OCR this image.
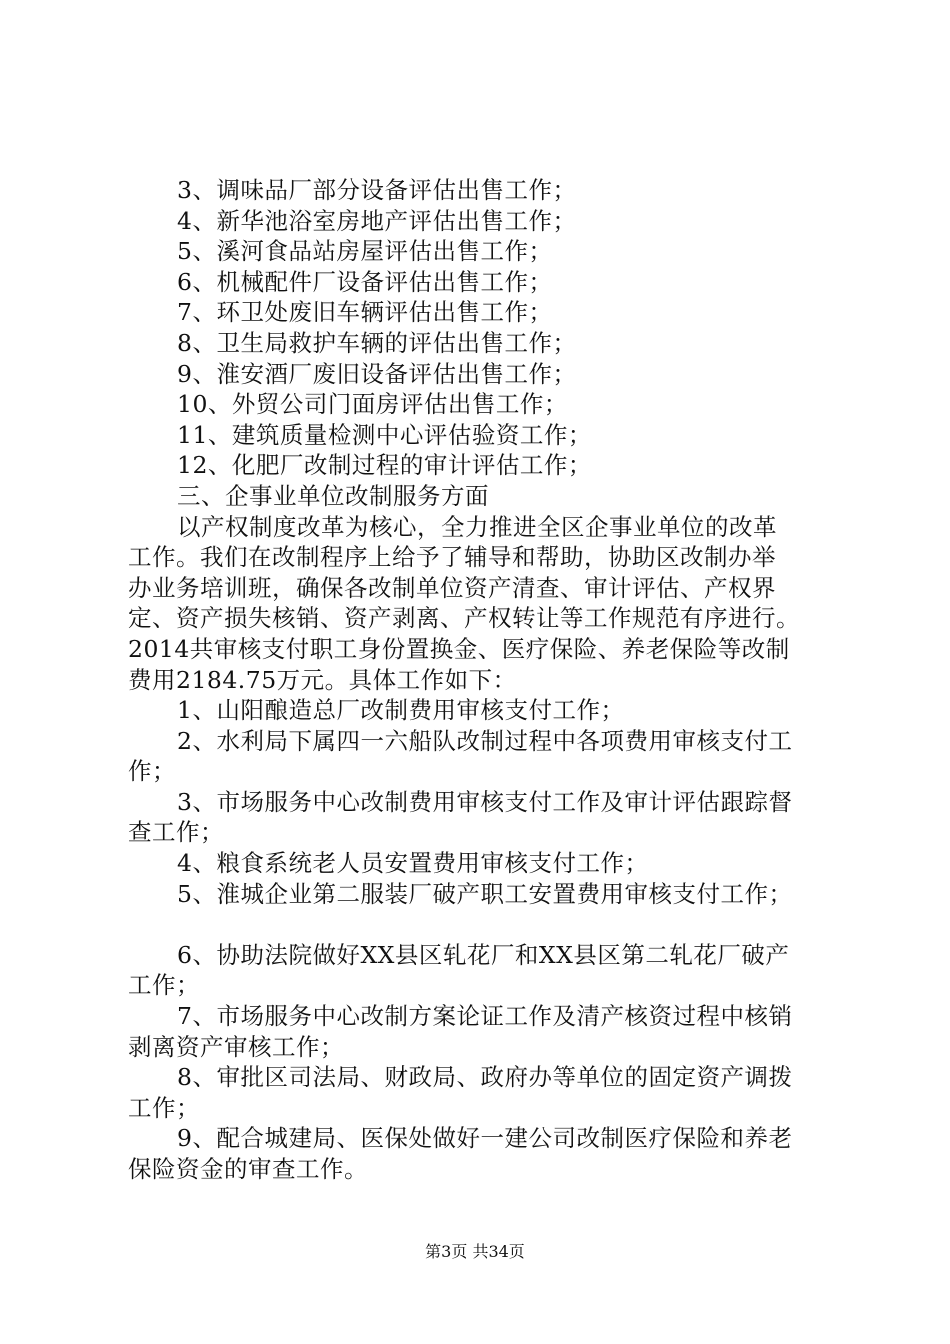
3、调味品厂部分设备评估出售工作；
4、新华池浴室房地产评估出售工作；
5、溪河食品站房屋评估出售工作；
6、机械配件厂设备评估出售工作；
7、环卫处废旧车辆评估出售工作；
8、卫生局救护车辆的评估出售工作；
9、淮安酒厂废旧设备评估出售工作；
10、外贸公司门面房评估出售工作；
11、建筑质量检测中心评估验资工作；
12、化肥厂改制过程的审计评估工作；
三、企事业单位改制服务方面
以产权制度改革为核心，全力推进全区企事业单位的改革
工作。我们在改制程序上给予了辅导和帮助，协助区改制办举
办业务培训班，确保各改制单位资产清查、审计评估、产权界
定、资产损失核销、资产剥离、产权转让等工作规范有序进行。
2014共审核支付职工身份置换金、医疗保险、养老保险等改制
费用2184.75万元。具体工作如下：
1、山阳酿造总厂改制费用审核支付工作；
2、水利局下属四一六船队改制过程中各项费用审核支付工
作；
3、市场服务中心改制费用审核支付工作及审计评估跟踪督
查工作；
4、粮食系统老人员安置费用审核支付工作；
5、淮城企业第二服装厂破产职工安置费用审核支付工作；
6、协助法院做好XX县区轧花厂和XX县区第二轧花厂破产
工作；
7、市场服务中心改制方案论证工作及清产核资过程中核销
剥离资产审核工作；
8、审批区司法局、财政局、政府办等单位的固定资产调拨
工作；
9、配合城建局、医保处做好一建公司改制医疗保险和养老
保险资金的审查工作。
第3页 共34页
